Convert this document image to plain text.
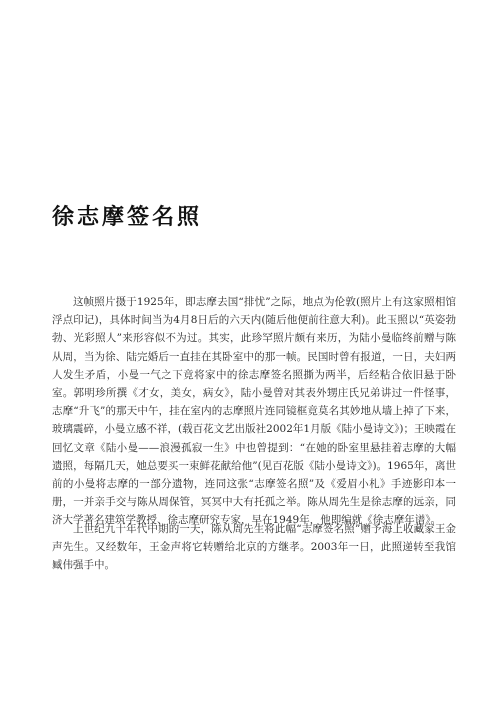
徐志摩签名照

这帧照片摄于1925年，即志摩去国“排忧”之际，地点为伦敦(照片上有这家照相馆浮点印记)，具体时间当为4月8日后的六天内(随后他便前往意大利)。此玉照以“英姿勃勃、光彩照人”来形容似不为过。其实，此珍罕照片颇有来历，为陆小曼临终前赠与陈从周，当为徐、陆完婚后一直挂在其卧室中的那一帧。民国时曾有报道，一日，夫妇两人发生矛盾，小曼一气之下竟将家中的徐志摩签名照撕为两半，后经粘合依旧悬于卧室。郭明珍所撰《才女，美女，病女》，陆小曼曾对其表外甥庄氏兄弟讲过一件怪事，志摩“升飞”的那天中午，挂在室内的志摩照片连同镜框竟莫名其妙地从墙上掉了下来，玻璃震碎，小曼立感不祥，(载百花文艺出版社2002年1月版《陆小曼诗文》)；王映霞在回忆文章《陆小曼——浪漫孤寂一生》中也曾提到：“在她的卧室里悬挂着志摩的大幅遗照，每隔几天，她总要买一束鲜花献给他”(见百花版《陆小曼诗文》)。1965年，离世前的小曼将志摩的一部分遗物，连同这张“志摩签名照”及《爱眉小札》手迹影印本一册，一并亲手交与陈从周保管，冥冥中大有托孤之举。陈从周先生是徐志摩的远亲，同济大学著名建筑学教授、徐志摩研究专家，早在1949年，他即编就《徐志摩年谱》。

上世纪九十年代中期的一天，陈从周先生将此幅“志摩签名照”赠予海上收藏家王金声先生。又经数年，王金声将它转赠给北京的方继孝。2003年一日，此照递转至我馆臧伟强手中。
